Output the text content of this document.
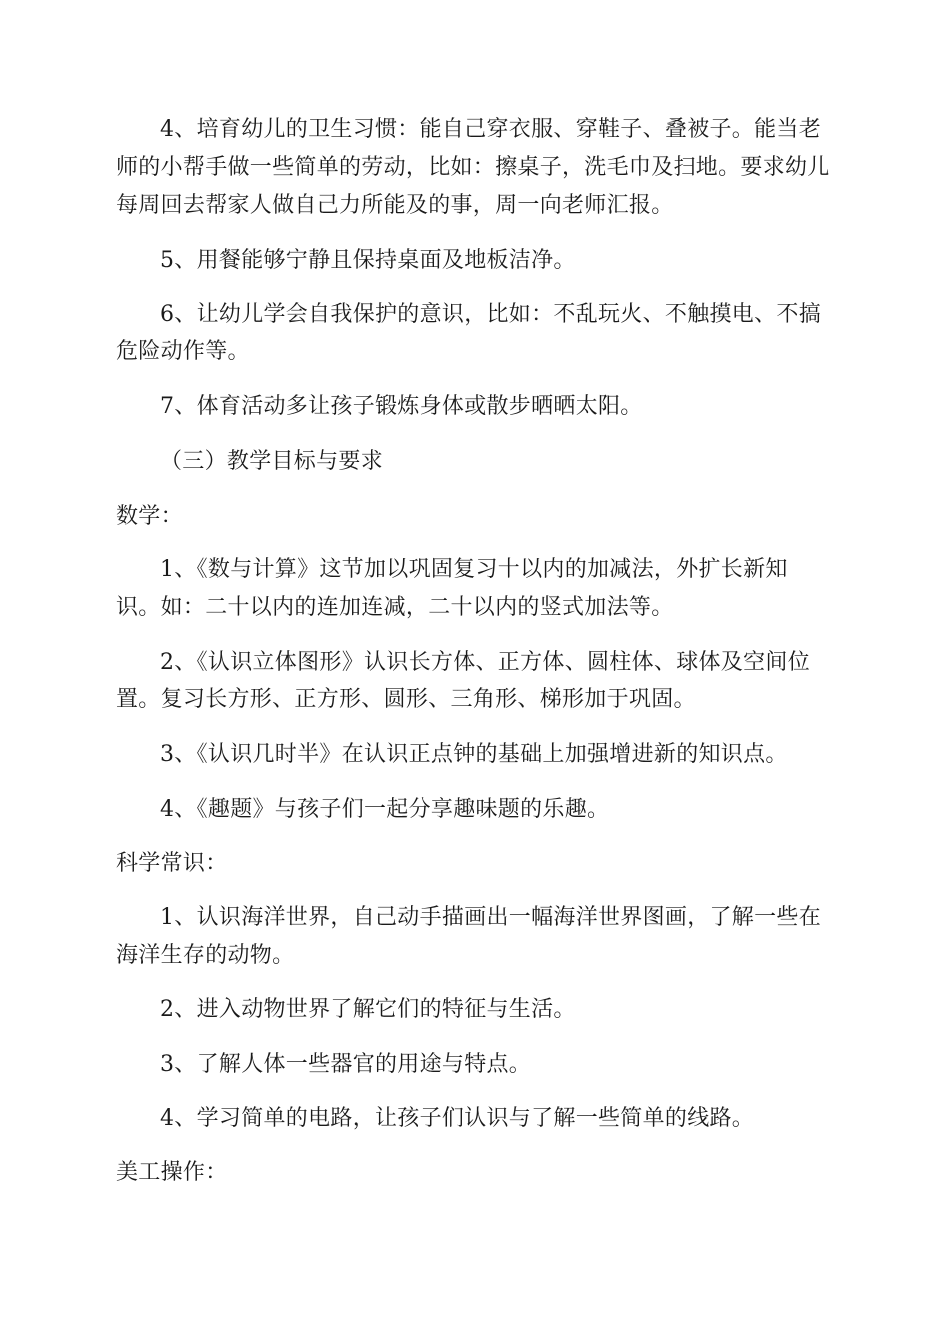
4、培育幼儿的卫生习惯：能自己穿衣服、穿鞋子、叠被子。能当老
师的小帮手做一些简单的劳动，比如：擦桌子，洗毛巾及扫地。要求幼儿
每周回去帮家人做自己力所能及的事，周一向老师汇报。
5、用餐能够宁静且保持桌面及地板洁净。
6、让幼儿学会自我保护的意识，比如：不乱玩火、不触摸电、不搞
危险动作等。
7、体育活动多让孩子锻炼身体或散步晒晒太阳。
（三）教学目标与要求
数学：
1、《数与计算》这节加以巩固复习十以内的加减法，外扩长新知
识。如：二十以内的连加连减，二十以内的竖式加法等。
2、《认识立体图形》认识长方体、正方体、圆柱体、球体及空间位
置。复习长方形、正方形、圆形、三角形、梯形加于巩固。
3、《认识几时半》在认识正点钟的基础上加强增进新的知识点。
4、《趣题》与孩子们一起分享趣味题的乐趣。
科学常识：
1、认识海洋世界，自己动手描画出一幅海洋世界图画，了解一些在
海洋生存的动物。
2、进入动物世界了解它们的特征与生活。
3、了解人体一些器官的用途与特点。
4、学习简单的电路，让孩子们认识与了解一些简单的线路。
美工操作：
